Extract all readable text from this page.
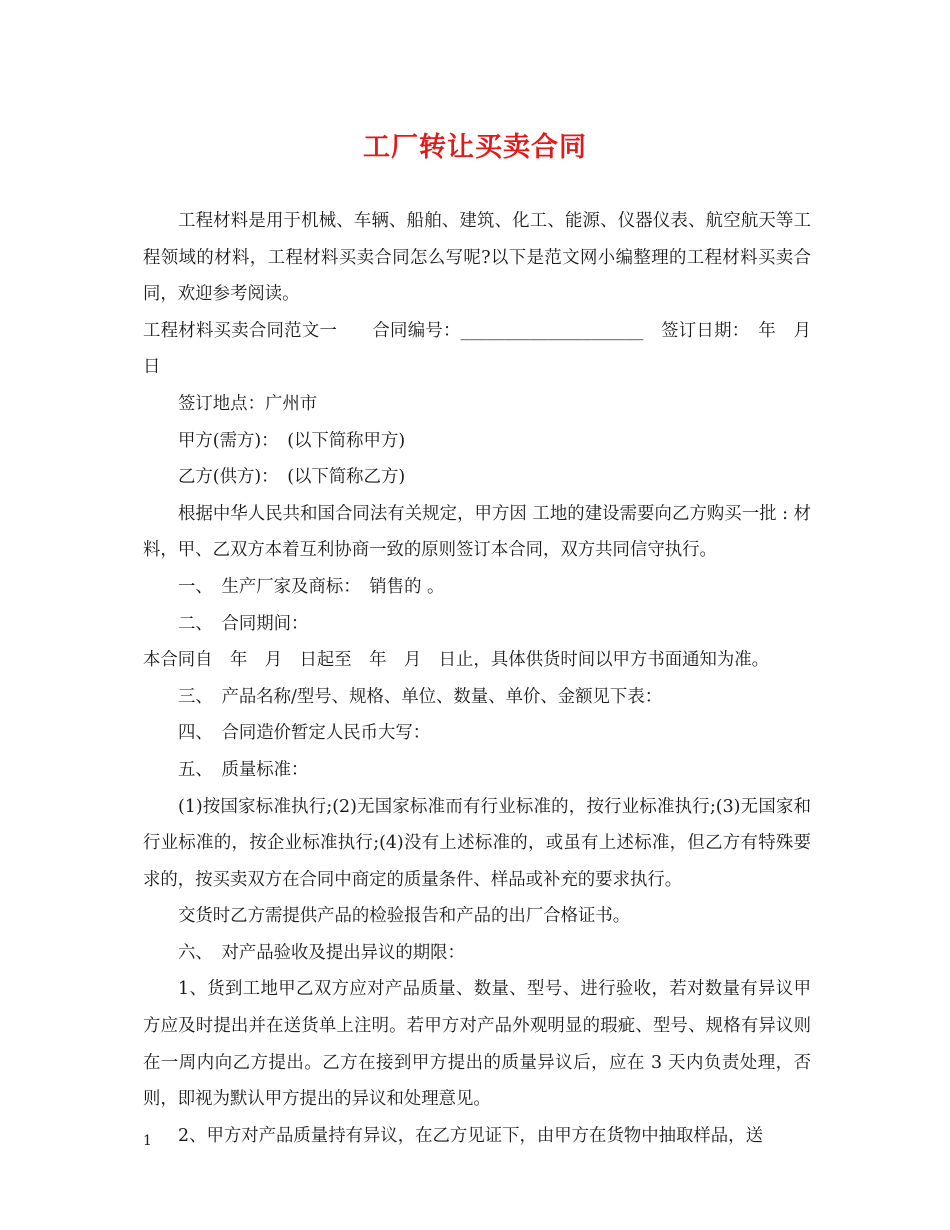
工厂转让买卖合同

工程材料是用于机械、车辆、船舶、建筑、化工、能源、仪器仪表、航空航天等工程领域的材料，工程材料买卖合同怎么写呢?以下是范文网小编整理的工程材料买卖合同，欢迎参考阅读。

工程材料买卖合同范文一　　合同编号：_____________________　签订日期：　年　月　日

签订地点：广州市

甲方(需方)：　(以下简称甲方)

乙方(供方)：　(以下简称乙方)

根据中华人民共和国合同法有关规定，甲方因 工地的建设需要向乙方购买一批 : 材料，甲、乙双方本着互利协商一致的原则签订本合同，双方共同信守执行。

一、　生产厂家及商标：　销售的 。

二、　合同期间：

本合同自　年　月　日起至　年　月　日止，具体供货时间以甲方书面通知为准。

三、　产品名称/型号、规格、单位、数量、单价、金额见下表：

四、　合同造价暂定人民币大写：

五、　质量标准：

(1)按国家标准执行;(2)无国家标准而有行业标准的，按行业标准执行;(3)无国家和行业标准的，按企业标准执行;(4)没有上述标准的，或虽有上述标准，但乙方有特殊要求的，按买卖双方在合同中商定的质量条件、样品或补充的要求执行。

交货时乙方需提供产品的检验报告和产品的出厂合格证书。

六、　对产品验收及提出异议的期限：

1、货到工地甲乙双方应对产品质量、数量、型号、进行验收，若对数量有异议甲方应及时提出并在送货单上注明。若甲方对产品外观明显的瑕疵、型号、规格有异议则在一周内向乙方提出。乙方在接到甲方提出的质量异议后，应在 3 天内负责处理，否则，即视为默认甲方提出的异议和处理意见。

2、甲方对产品质量持有异议，在乙方见证下，由甲方在货物中抽取样品，送

1
